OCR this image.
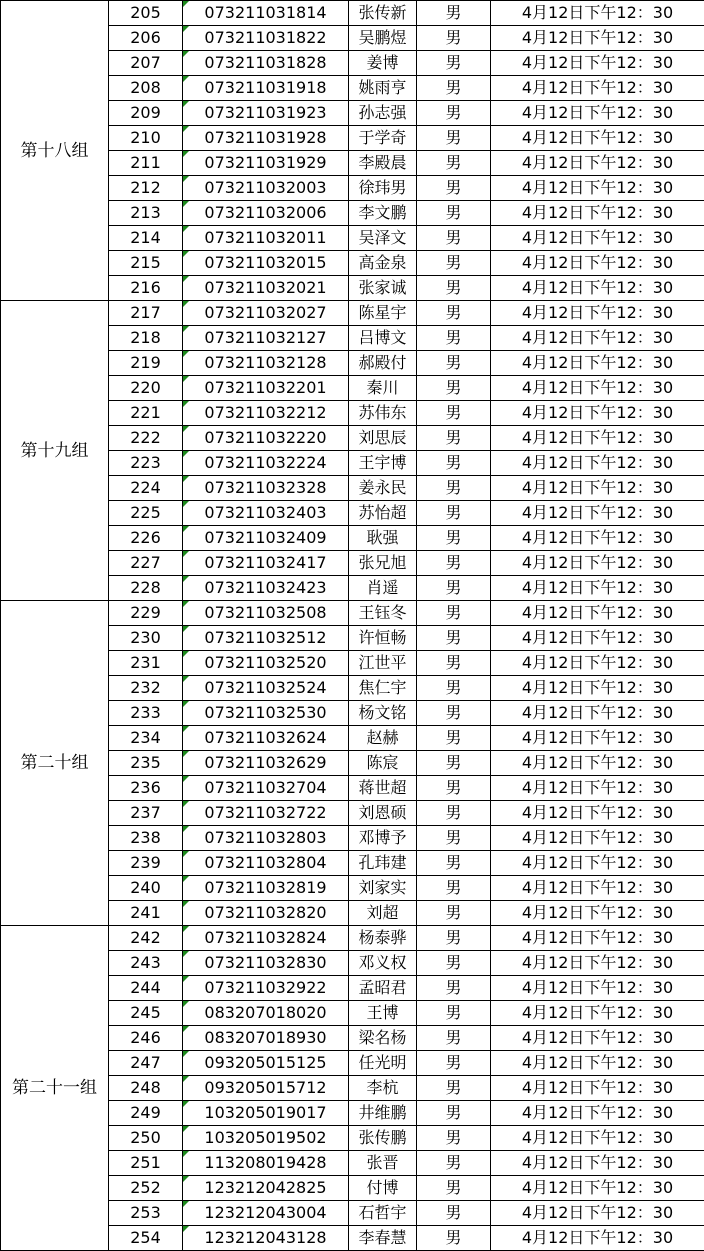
第十八组	205	073211031814	张传新	男	4月12日下午12：30
	206	073211031822	吴鹏煜	男	4月12日下午12：30
	207	073211031828	姜博	男	4月12日下午12：30
	208	073211031918	姚雨亨	男	4月12日下午12：30
	209	073211031923	孙志强	男	4月12日下午12：30
	210	073211031928	于学奇	男	4月12日下午12：30
	211	073211031929	李殿晨	男	4月12日下午12：30
	212	073211032003	徐玮男	男	4月12日下午12：30
	213	073211032006	李文鹏	男	4月12日下午12：30
	214	073211032011	吴泽文	男	4月12日下午12：30
	215	073211032015	高金泉	男	4月12日下午12：30
	216	073211032021	张家诚	男	4月12日下午12：30
第十九组	217	073211032027	陈星宇	男	4月12日下午12：30
	218	073211032127	吕博文	男	4月12日下午12：30
	219	073211032128	郝殿付	男	4月12日下午12：30
	220	073211032201	秦川	男	4月12日下午12：30
	221	073211032212	苏伟东	男	4月12日下午12：30
	222	073211032220	刘思辰	男	4月12日下午12：30
	223	073211032224	王宇博	男	4月12日下午12：30
	224	073211032328	姜永民	男	4月12日下午12：30
	225	073211032403	苏怡超	男	4月12日下午12：30
	226	073211032409	耿强	男	4月12日下午12：30
	227	073211032417	张兄旭	男	4月12日下午12：30
	228	073211032423	肖遥	男	4月12日下午12：30
第二十组	229	073211032508	王钰冬	男	4月12日下午12：30
	230	073211032512	许恒畅	男	4月12日下午12：30
	231	073211032520	江世平	男	4月12日下午12：30
	232	073211032524	焦仁宇	男	4月12日下午12：30
	233	073211032530	杨文铭	男	4月12日下午12：30
	234	073211032624	赵赫	男	4月12日下午12：30
	235	073211032629	陈宸	男	4月12日下午12：30
	236	073211032704	蒋世超	男	4月12日下午12：30
	237	073211032722	刘恩硕	男	4月12日下午12：30
	238	073211032803	邓博予	男	4月12日下午12：30
	239	073211032804	孔玮建	男	4月12日下午12：30
	240	073211032819	刘家实	男	4月12日下午12：30
	241	073211032820	刘超	男	4月12日下午12：30
第二十一组	242	073211032824	杨泰骅	男	4月12日下午12：30
	243	073211032830	邓义权	男	4月12日下午12：30
	244	073211032922	孟昭君	男	4月12日下午12：30
	245	083207018020	王博	男	4月12日下午12：30
	246	083207018930	梁名杨	男	4月12日下午12：30
	247	093205015125	任光明	男	4月12日下午12：30
	248	093205015712	李杭	男	4月12日下午12：30
	249	103205019017	井维鹏	男	4月12日下午12：30
	250	103205019502	张传鹏	男	4月12日下午12：30
	251	113208019428	张晋	男	4月12日下午12：30
	252	123212042825	付博	男	4月12日下午12：30
	253	123212043004	石哲宇	男	4月12日下午12：30
	254	123212043128	李春慧	男	4月12日下午12：30
